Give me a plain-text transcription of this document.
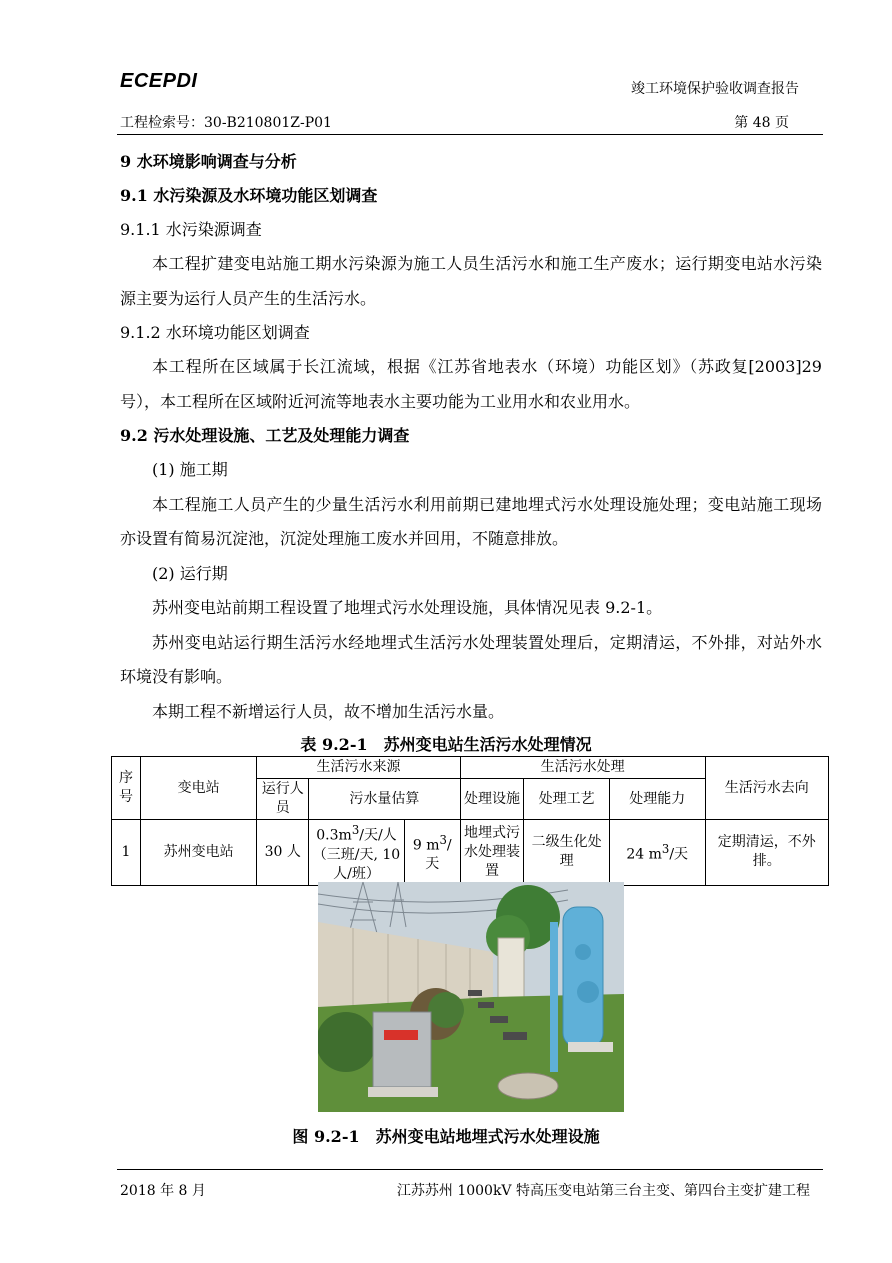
ECEPDI	竣工环境保护验收调查报告
工程检索号：30-B210801Z-P01	第 48 页
9 水环境影响调查与分析
9.1 水污染源及水环境功能区划调查
9.1.1 水污染源调查

本工程扩建变电站施工期水污染源为施工人员生活污水和施工生产废水；运行期变电站水污染源主要为运行人员产生的生活污水。

9.1.2 水环境功能区划调查

本工程所在区域属于长江流域，根据《江苏省地表水（环境）功能区划》（苏政复[2003]29号），本工程所在区域附近河流等地表水主要功能为工业用水和农业用水。

9.2 污水处理设施、工艺及处理能力调查

(1) 施工期

本工程施工人员产生的少量生活污水利用前期已建地埋式污水处理设施处理；变电站施工现场亦设置有简易沉淀池，沉淀处理施工废水并回用，不随意排放。

(2) 运行期

苏州变电站前期工程设置了地埋式污水处理设施，具体情况见表 9.2-1。

苏州变电站运行期生活污水经地埋式生活污水处理装置处理后，定期清运，不外排，对站外水环境没有影响。

本期工程不新增运行人员，故不增加生活污水量。

表 9.2-1　苏州变电站生活污水处理情况
序号	变电站	生活污水来源			生活污水处理			生活污水去向
		运行人员	污水量估算		处理设施	处理工艺	处理能力	
1	苏州变电站	30 人	$0.3m^3/$天/人（三班/天, 10 人/班）	9 $m^3/$天	地埋式污水处理装置	二级生化处理	24 $m^3/$天	定期清运，不外排。
图 9.2-1　苏州变电站地埋式污水处理设施
2018 年 8 月	江苏苏州 1000kV 特高压变电站第三台主变、第四台主变扩建工程
